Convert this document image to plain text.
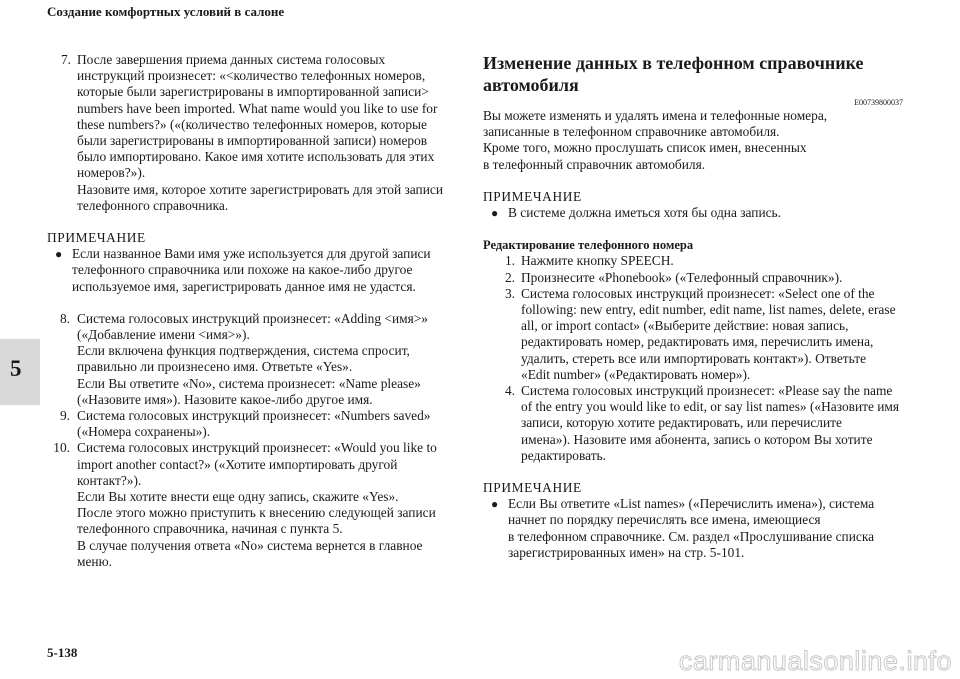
Создание комфортных условий в салоне
5
7. После завершения приема данных система голосовых
инструкций произнесет: «<количество телефонных номеров,
которые были зарегистрированы в импортированной записи>
numbers have been imported. What name would you like to use for
these numbers?» («(количество телефонных номеров, которые
были зарегистрированы в импортированной записи) номеров
было импортировано. Какое имя хотите использовать для этих
номеров?»).
Назовите имя, которое хотите зарегистрировать для этой записи
телефонного справочника.
ПРИМЕЧАНИЕ
● Если названное Вами имя уже используется для другой записи
телефонного справочника или похоже на какое-либо другое
используемое имя, зарегистрировать данное имя не удастся.
8. Система голосовых инструкций произнесет: «Adding <имя>»
(«Добавление имени <имя>»).
Если включена функция подтверждения, система спросит,
правильно ли произнесено имя. Ответьте «Yes».
Если Вы ответите «No», система произнесет: «Name please»
(«Назовите имя»). Назовите какое-либо другое имя.
9. Система голосовых инструкций произнесет: «Numbers saved»
(«Номера сохранены»).
10. Система голосовых инструкций произнесет: «Would you like to
import another contact?» («Хотите импортировать другой
контакт?»).
Если Вы хотите внести еще одну запись, скажите «Yes».
После этого можно приступить к внесению следующей записи
телефонного справочника, начиная с пункта 5.
В случае получения ответа «No» система вернется в главное
меню.
Изменение данных в телефонном справочнике автомобиля
E00739800037
Вы можете изменять и удалять имена и телефонные номера,
записанные в телефонном справочнике автомобиля.
Кроме того, можно прослушать список имен, внесенных
в телефонный справочник автомобиля.
ПРИМЕЧАНИЕ
● В системе должна иметься хотя бы одна запись.
Редактирование телефонного номера
1. Нажмите кнопку SPEECH.
2. Произнесите «Phonebook» («Телефонный справочник»).
3. Система голосовых инструкций произнесет: «Select one of the
following: new entry, edit number, edit name, list names, delete, erase
all, or import contact» («Выберите действие: новая запись,
редактировать номер, редактировать имя, перечислить имена,
удалить, стереть все или импортировать контакт»). Ответьте
«Edit number» («Редактировать номер»).
4. Система голосовых инструкций произнесет: «Please say the name
of the entry you would like to edit, or say list names» («Назовите имя
записи, которую хотите редактировать, или перечислите
имена»). Назовите имя абонента, запись о котором Вы хотите
редактировать.
ПРИМЕЧАНИЕ
● Если Вы ответите «List names» («Перечислить имена»), система
начнет по порядку перечислять все имена, имеющиеся
в телефонном справочнике. См. раздел «Прослушивание списка
зарегистрированных имен» на стр. 5-101.
5-138	carmanualsonline.info
